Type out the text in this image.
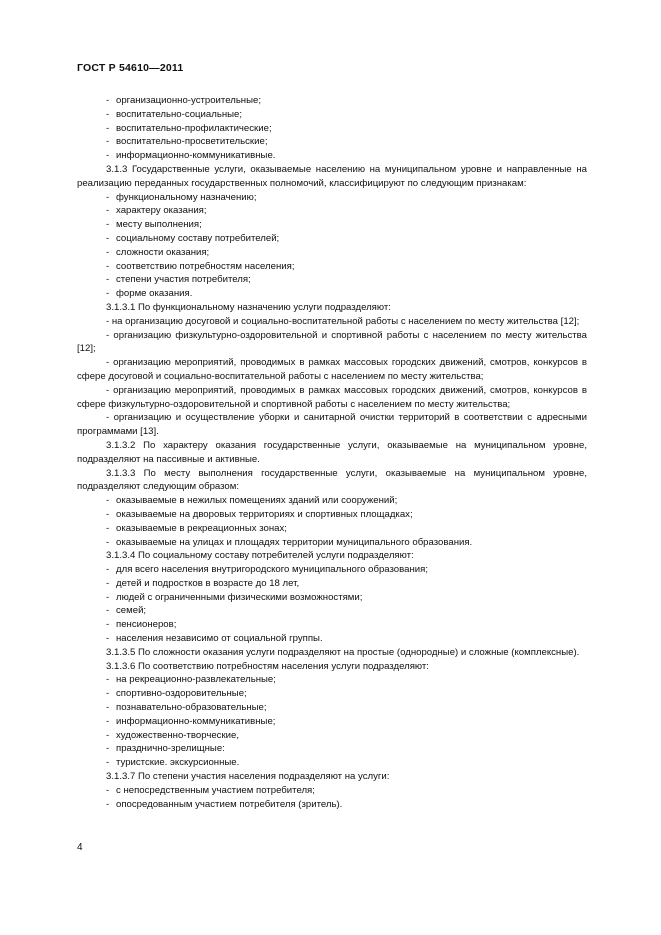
ГОСТ Р 54610—2011
- организационно-устроительные;
- воспитательно-социальные;
- воспитательно-профилактические;
- воспитательно-просветительские;
- информационно-коммуникативные.
3.1.3 Государственные услуги, оказываемые населению на муниципальном уровне и направленные на реализацию переданных государственных полномочий, классифицируют по следующим признакам:
- функциональному назначению;
- характеру оказания;
- месту выполнения;
- социальному составу потребителей;
- сложности оказания;
- соответствию потребностям населения;
- степени участия потребителя;
- форме оказания.
3.1.3.1 По функциональному назначению услуги подразделяют:
- на организацию досуговой и социально-воспитательной работы с населением по месту жительства [12];
- организацию физкультурно-оздоровительной и спортивной работы с населением по месту жительства [12];
- организацию мероприятий, проводимых в рамках массовых городских движений, смотров, конкурсов в сфере досуговой и социально-воспитательной работы с населением по месту жительства;
- организацию мероприятий, проводимых в рамках массовых городских движений, смотров, конкурсов в сфере физкультурно-оздоровительной и спортивной работы с населением по месту жительства;
- организацию и осуществление уборки и санитарной очистки территорий в соответствии с адресными программами [13].
3.1.3.2 По характеру оказания государственные услуги, оказываемые на муниципальном уровне, подразделяют на пассивные и активные.
3.1.3.3 По месту выполнения государственные услуги, оказываемые на муниципальном уровне, подразделяют следующим образом:
- оказываемые в нежилых помещениях зданий или сооружений;
- оказываемые на дворовых территориях и спортивных площадках;
- оказываемые в рекреационных зонах;
- оказываемые на улицах и площадях территории муниципального образования.
3.1.3.4 По социальному составу потребителей услуги подразделяют:
- для всего населения внутригородского муниципального образования;
- детей и подростков в возрасте до 18 лет,
- людей с ограниченными физическими возможностями;
- семей;
- пенсионеров;
- населения независимо от социальной группы.
3.1.3.5 По сложности оказания услуги подразделяют на простые (однородные) и сложные (комплексные).
3.1.3.6 По соответствию потребностям населения услуги подразделяют:
- на рекреационно-развлекательные;
- спортивно-оздоровительные;
- познавательно-образовательные;
- информационно-коммуникативные;
- художественно-творческие,
- празднично-зрелищные:
- туристские. экскурсионные.
3.1.3.7 По степени участия населения подразделяют на услуги:
- с непосредственным участием потребителя;
- опосредованным участием потребителя (зритель).
4
